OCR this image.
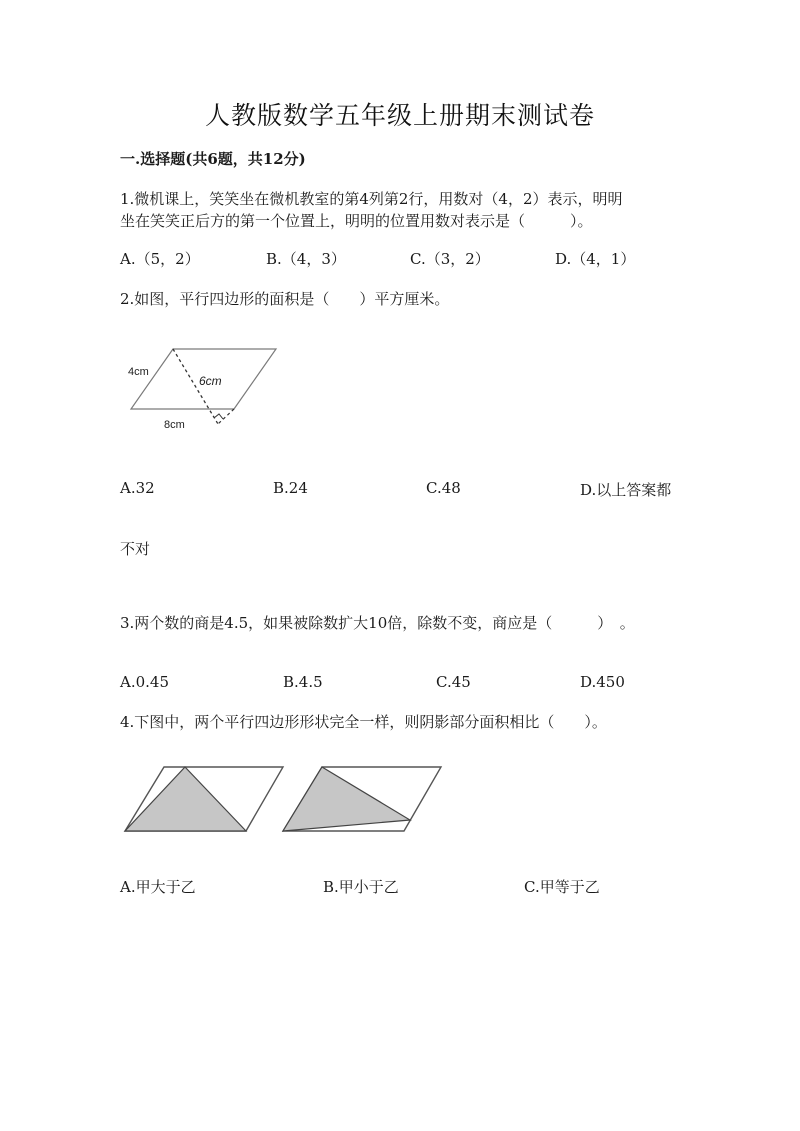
人教版数学五年级上册期末测试卷
一.选择题(共6题，共12分)
1.微机课上，笑笑坐在微机教室的第4列第2行，用数对（4，2）表示，明明
坐在笑笑正后方的第一个位置上，明明的位置用数对表示是（　　　）。
A.（5，2）	B.（4，3）	C.（3，2）	D.（4，1）
2.如图，平行四边形的面积是（　　）平方厘米。
4cm
6cm
8cm
A.32	B.24	C.48	D.以上答案都
不对
3.两个数的商是4.5，如果被除数扩大10倍，除数不变，商应是（　　　）　。
A.0.45	B.4.5	C.45	D.450
4.下图中，两个平行四边形形状完全一样，则阴影部分面积相比（　　）。
A.甲大于乙	B.甲小于乙	C.甲等于乙
